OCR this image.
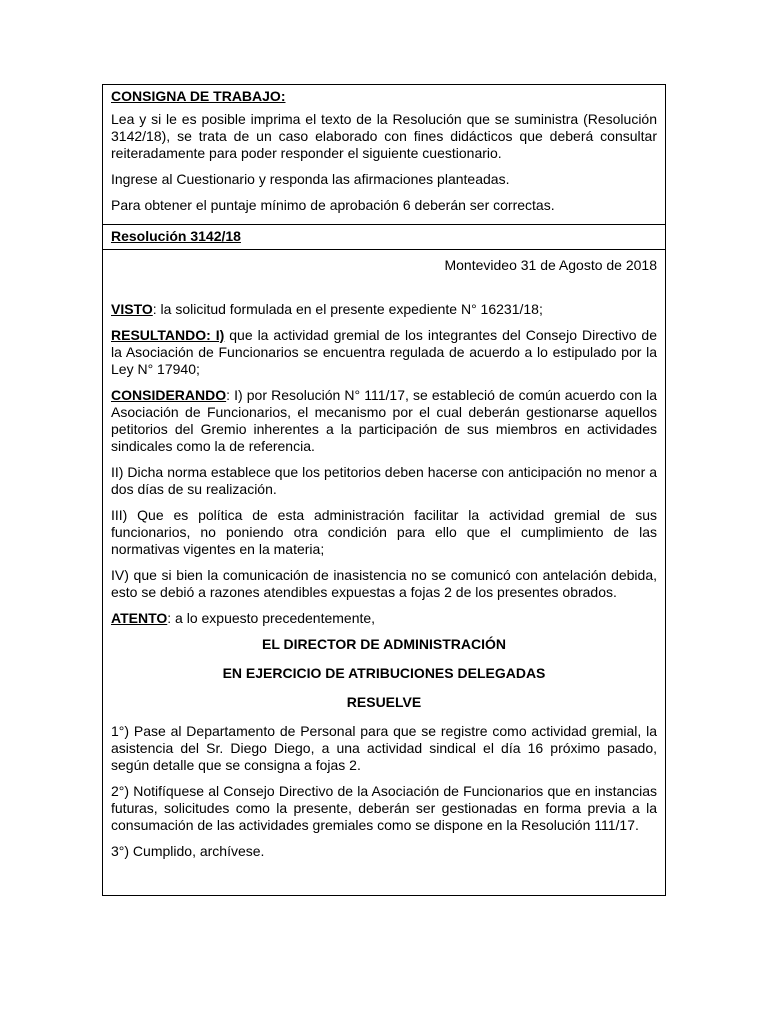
CONSIGNA DE TRABAJO:

Lea y si le es posible imprima el texto de la Resolución que se suministra (Resolución 3142/18), se trata de un caso elaborado con fines didácticos que deberá consultar reiteradamente para poder responder el siguiente cuestionario.

Ingrese al Cuestionario y responda las afirmaciones planteadas.

Para obtener el puntaje mínimo de aprobación 6 deberán ser correctas.

Resolución 3142/18

Montevideo 31 de Agosto de 2018

VISTO: la solicitud formulada en el presente expediente N° 16231/18;

RESULTANDO: I) que la actividad gremial de los integrantes del Consejo Directivo de la Asociación de Funcionarios se encuentra regulada de acuerdo a lo estipulado por la Ley N° 17940;

CONSIDERANDO: I) por Resolución N° 111/17, se estableció de común acuerdo con la Asociación de Funcionarios, el mecanismo por el cual deberán gestionarse aquellos petitorios del Gremio inherentes a la participación de sus miembros en actividades sindicales como la de referencia.

II) Dicha norma establece que los petitorios deben hacerse con anticipación no menor a dos días de su realización.

III) Que es política de esta administración facilitar la actividad gremial de sus funcionarios, no poniendo otra condición para ello que el cumplimiento de las normativas vigentes en la materia;

IV) que si bien la comunicación de inasistencia no se comunicó con antelación debida, esto se debió a razones atendibles expuestas a fojas 2 de los presentes obrados.

ATENTO: a lo expuesto precedentemente,

EL DIRECTOR DE ADMINISTRACIÓN

EN EJERCICIO DE ATRIBUCIONES DELEGADAS

RESUELVE

1°) Pase al Departamento de Personal para que se registre como actividad gremial, la asistencia del Sr. Diego Diego, a una actividad sindical el día 16 próximo pasado, según detalle que se consigna a fojas 2.

2°) Notifíquese al Consejo Directivo de la Asociación de Funcionarios que en instancias futuras, solicitudes como la presente, deberán ser gestionadas en forma previa a la consumación de las actividades gremiales como se dispone en la Resolución 111/17.

3°) Cumplido, archívese.
